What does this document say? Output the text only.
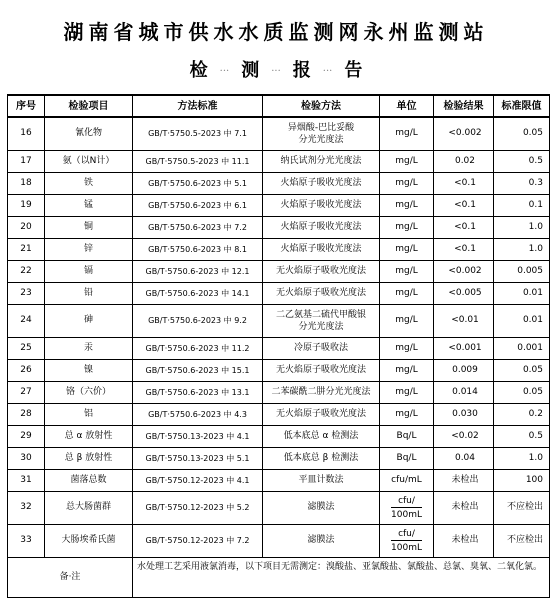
湖南省城市供水水质监测网永州监测站
检 ··· 测 ··· 报 ··· 告
序号	检验项目	方法标准	检验方法	单位	检验结果	标准限值
16	氰化物	GB/T·5750.5-2023 中 7.1	异烟酸-巴比妥酸
分光光度法	mg/L	<0.002	0.05
17	氨（以N计）	GB/T·5750.5-2023 中 11.1	纳氏试剂分光光度法	mg/L	0.02	0.5
18	铁	GB/T·5750.6-2023 中 5.1	火焰原子吸收光度法	mg/L	<0.1	0.3
19	锰	GB/T·5750.6-2023 中 6.1	火焰原子吸收光度法	mg/L	<0.1	0.1
20	铜	GB/T·5750.6-2023 中 7.2	火焰原子吸收光度法	mg/L	<0.1	1.0
21	锌	GB/T·5750.6-2023 中 8.1	火焰原子吸收光度法	mg/L	<0.1	1.0
22	镉	GB/T·5750.6-2023 中 12.1	无火焰原子吸收光度法	mg/L	<0.002	0.005
23	铅	GB/T·5750.6-2023 中 14.1	无火焰原子吸收光度法	mg/L	<0.005	0.01
24	砷	GB/T·5750.6-2023 中 9.2	二乙氨基二硫代甲酸银
分光光度法	mg/L	<0.01	0.01
25	汞	GB/T·5750.6-2023 中 11.2	冷原子吸收法	mg/L	<0.001	0.001
26	镍	GB/T·5750.6-2023 中 15.1	无火焰原子吸收光度法	mg/L	0.009	0.05
27	铬（六价）	GB/T·5750.6-2023 中 13.1	二苯碳酰二肼分光光度法	mg/L	0.014	0.05
28	铝	GB/T·5750.6-2023 中 4.3	无火焰原子吸收光度法	mg/L	0.030	0.2
29	总 α 放射性	GB/T·5750.13-2023 中 4.1	低本底总 α 检测法	Bq/L	<0.02	0.5
30	总 β 放射性	GB/T·5750.13-2023 中 5.1	低本底总 β 检测法	Bq/L	0.04	1.0
31	菌落总数	GB/T·5750.12-2023 中 4.1	平皿计数法	cfu/mL	未检出	100
32	总大肠菌群	GB/T·5750.12-2023 中 5.2	滤膜法	$\frac{\text{cfu/}}{100mL}$	未检出	不应检出
33	大肠埃希氏菌	GB/T·5750.12-2023 中 7.2	滤膜法	$\frac{\text{cfu/}}{100mL}$	未检出	不应检出
备·注		水处理工艺采用液氯消毒，以下项目无需测定：溴酸盐、亚氯酸盐、氯酸盐、总氯、臭氧、二氧化氯。				
